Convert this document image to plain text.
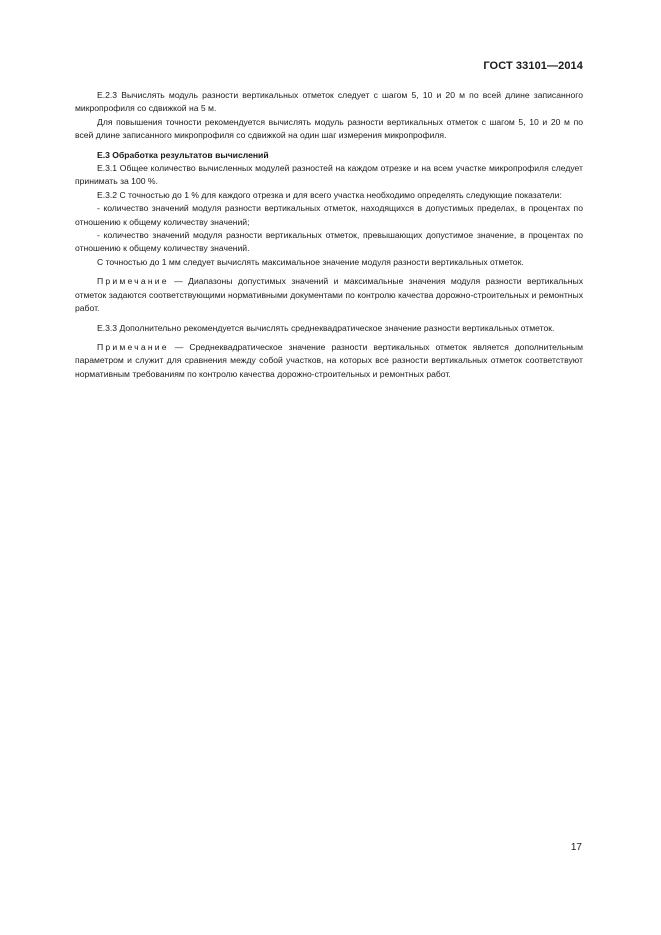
ГОСТ 33101—2014

Е.2.3 Вычислять модуль разности вертикальных отметок следует с шагом 5, 10 и 20 м по всей длине записанного микропрофиля со сдвижкой на 5 м.

Для повышения точности рекомендуется вычислять модуль разности вертикальных отметок с шагом 5, 10 и 20 м по всей длине записанного микропрофиля со сдвижкой на один шаг измерения микропрофиля.

Е.3 Обработка результатов вычислений

Е.3.1 Общее количество вычисленных модулей разностей на каждом отрезке и на всем участке микропрофиля следует принимать за 100 %.

Е.3.2 С точностью до 1 % для каждого отрезка и для всего участка необходимо определять следующие показатели:

- количество значений модуля разности вертикальных отметок, находящихся в допустимых пределах, в процентах по отношению к общему количеству значений;

- количество значений модуля разности вертикальных отметок, превышающих допустимое значение, в процентах по отношению к общему количеству значений.

С точностью до 1 мм следует вычислять максимальное значение модуля разности вертикальных отметок.

Примечание — Диапазоны допустимых значений и максимальные значения модуля разности вертикальных отметок задаются соответствующими нормативными документами по контролю качества дорожно-строительных и ремонтных работ.

Е.3.3 Дополнительно рекомендуется вычислять среднеквадратическое значение разности вертикальных отметок.

Примечание — Среднеквадратическое значение разности вертикальных отметок является дополнительным параметром и служит для сравнения между собой участков, на которых все разности вертикальных отметок соответствуют нормативным требованиям по контролю качества дорожно-строительных и ремонтных работ.

17
